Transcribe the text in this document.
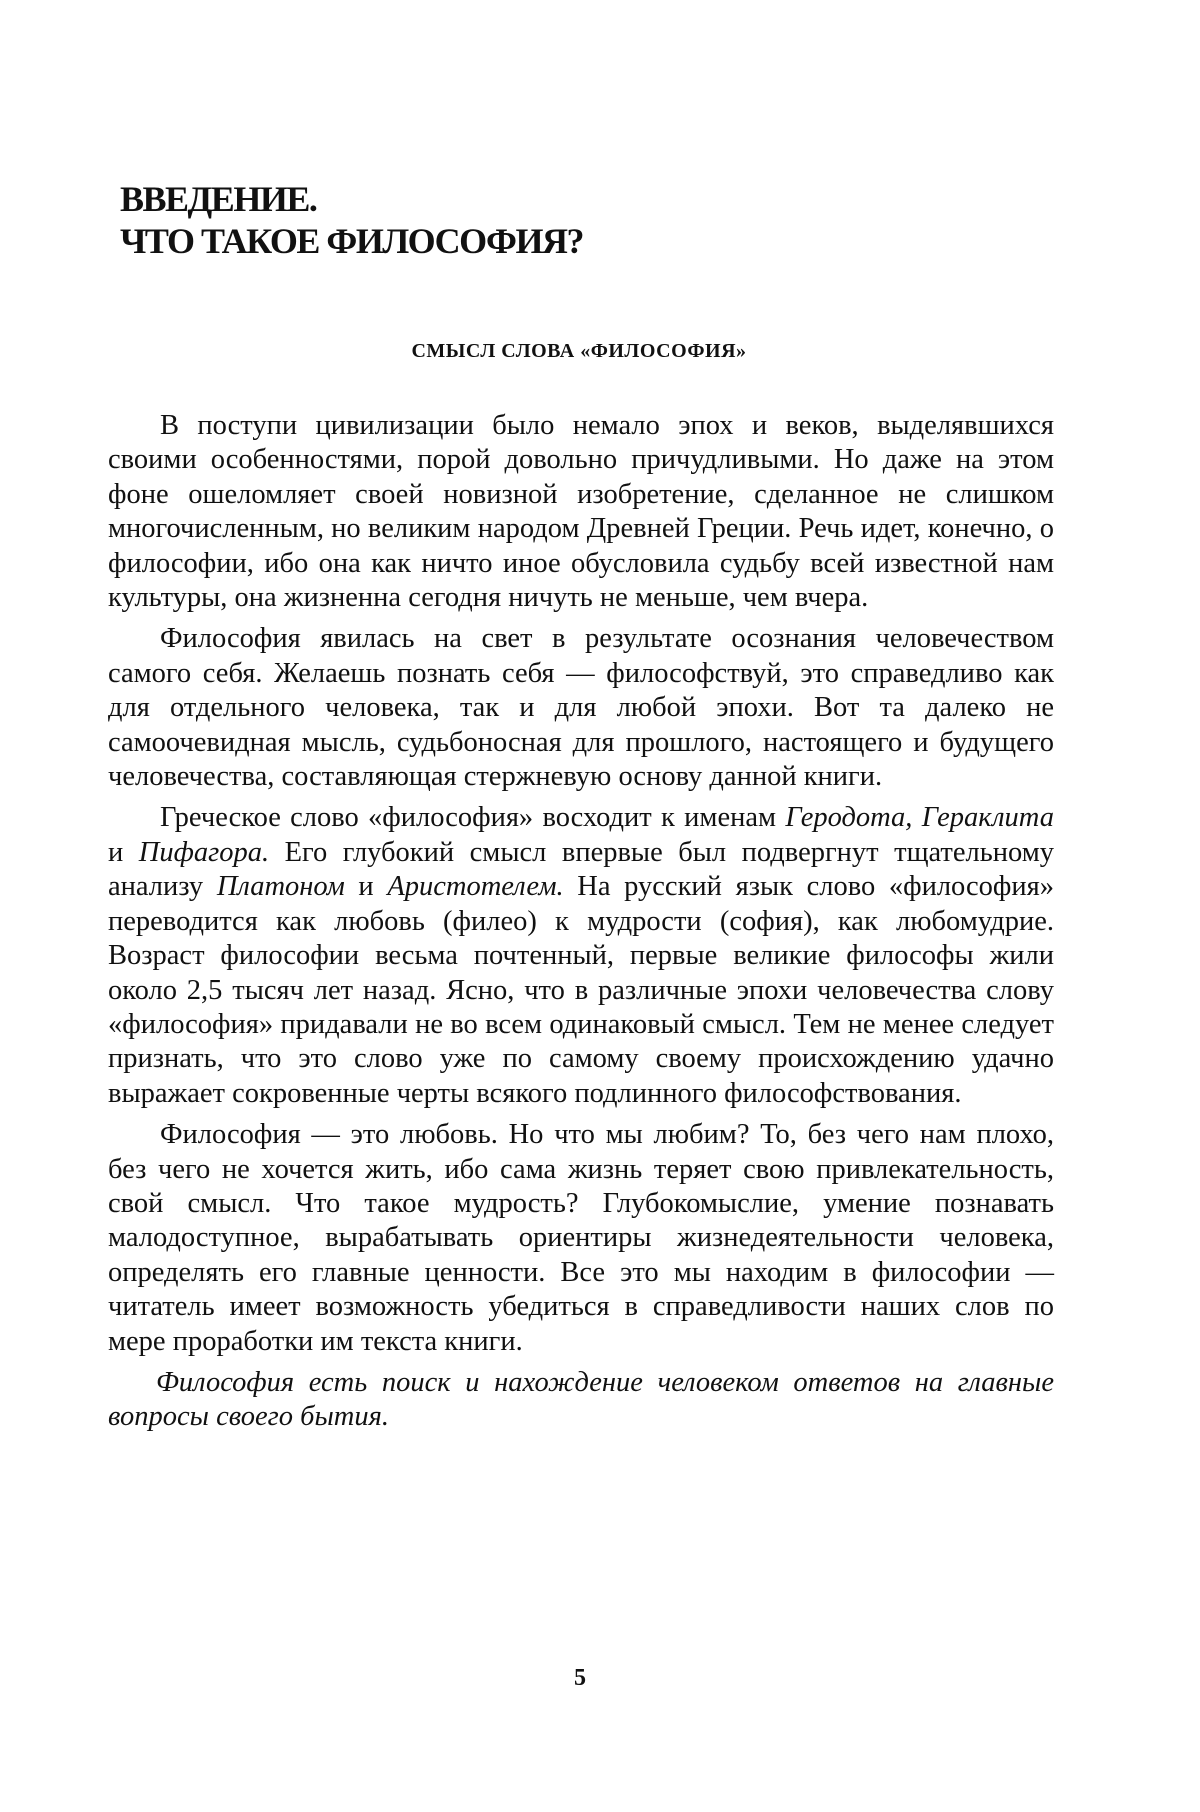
ВВЕДЕНИЕ.
ЧТО ТАКОЕ ФИЛОСОФИЯ?
СМЫСЛ СЛОВА «ФИЛОСОФИЯ»

В поступи цивилизации было немало эпох и веков, выделявшихся своими особенностями, порой довольно причудливыми. Но даже на этом фоне ошеломляет своей новизной изобретение, сделанное не слишком многочисленным, но великим народом Древней Греции. Речь идет, конечно, о философии, ибо она как ничто иное обусловила судьбу всей известной нам культуры, она жизненна сегодня ничуть не меньше, чем вчера.

Философия явилась на свет в результате осознания человечеством самого себя. Желаешь познать себя — философствуй, это справедливо как для отдельного человека, так и для любой эпохи. Вот та далеко не самоочевидная мысль, судьбоносная для прошлого, настоящего и будущего человечества, составляющая стержневую основу данной книги.

Греческое слово «философия» восходит к именам Геродота, Гераклита и Пифагора. Его глубокий смысл впервые был подвергнут тщательному анализу Платоном и Аристотелем. На русский язык слово «философия» переводится как любовь (филео) к мудрости (софия), как любомудрие. Возраст философии весьма почтенный, первые великие философы жили около 2,5 тысяч лет назад. Ясно, что в различные эпохи человечества слову «философия» придавали не во всем одинаковый смысл. Тем не менее следует признать, что это слово уже по самому своему происхождению удачно выражает сокровенные черты всякого подлинного философствования.

Философия — это любовь. Но что мы любим? То, без чего нам плохо, без чего не хочется жить, ибо сама жизнь теряет свою привлекательность, свой смысл. Что такое мудрость? Глубокомыслие, умение познавать малодоступное, вырабатывать ориентиры жизнедеятельности человека, определять его главные ценности. Все это мы находим в философии — читатель имеет возможность убедиться в справедливости наших слов по мере проработки им текста книги.

Философия есть поиск и нахождение человеком ответов на главные вопросы своего бытия.

5
